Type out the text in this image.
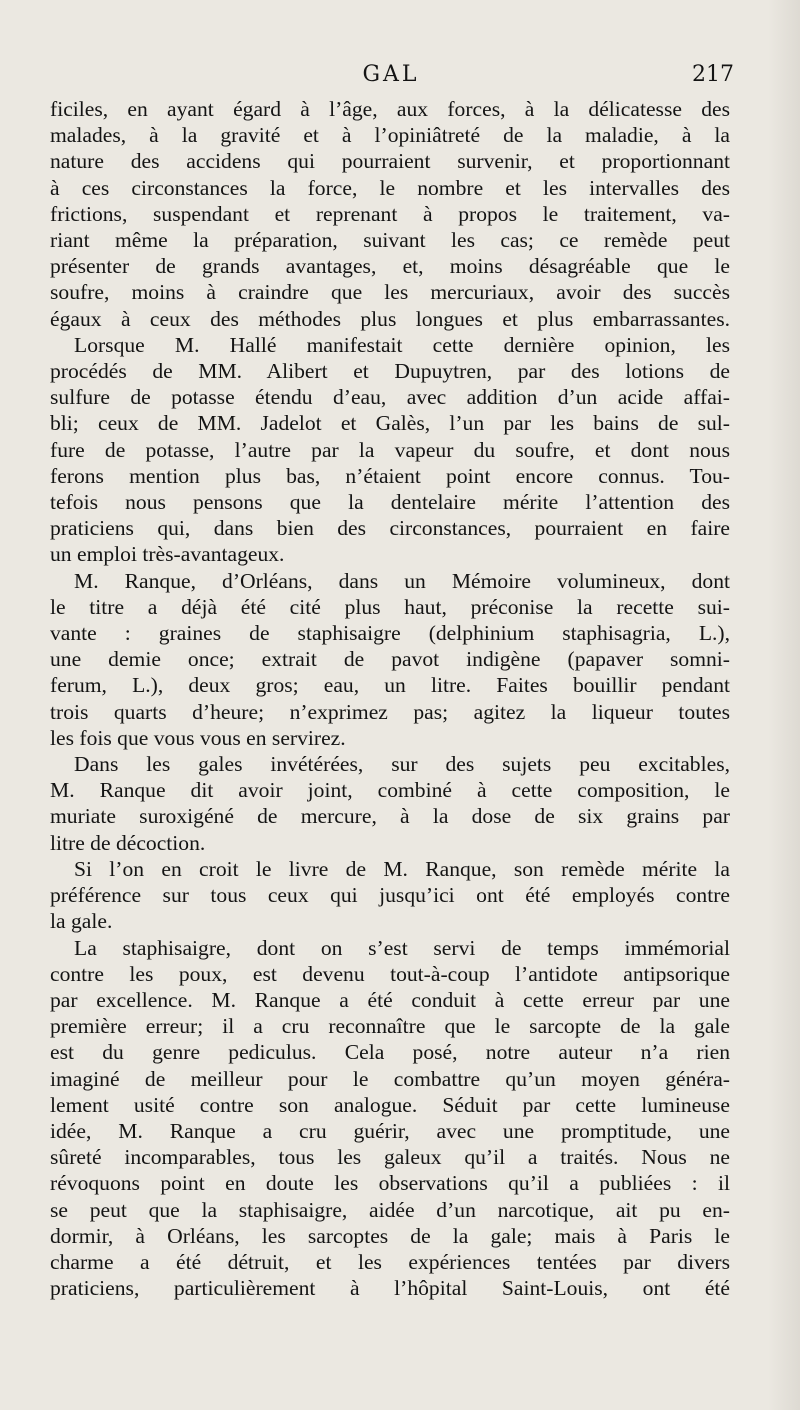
GAL	217
ficiles, en ayant égard à l’âge, aux forces, à la délicatesse des
malades, à la gravité et à l’opiniâtreté de la maladie, à la
nature des accidens qui pourraient survenir, et proportionnant
à ces circonstances la force, le nombre et les intervalles des
frictions, suspendant et reprenant à propos le traitement, va-
riant même la préparation, suivant les cas; ce remède peut
présenter de grands avantages, et, moins désagréable que le
soufre, moins à craindre que les mercuriaux, avoir des succès
égaux à ceux des méthodes plus longues et plus embarrassantes.
Lorsque M. Hallé manifestait cette dernière opinion, les
procédés de MM. Alibert et Dupuytren, par des lotions de
sulfure de potasse étendu d’eau, avec addition d’un acide affai-
bli; ceux de MM. Jadelot et Galès, l’un par les bains de sul-
fure de potasse, l’autre par la vapeur du soufre, et dont nous
ferons mention plus bas, n’étaient point encore connus. Tou-
tefois nous pensons que la dentelaire mérite l’attention des
praticiens qui, dans bien des circonstances, pourraient en faire
un emploi très-avantageux.
M. Ranque, d’Orléans, dans un Mémoire volumineux, dont
le titre a déjà été cité plus haut, préconise la recette sui-
vante : graines de staphisaigre (delphinium staphisagria, L.),
une demie once; extrait de pavot indigène (papaver somni-
ferum, L.), deux gros; eau, un litre. Faites bouillir pendant
trois quarts d’heure; n’exprimez pas; agitez la liqueur toutes
les fois que vous vous en servirez.
Dans les gales invétérées, sur des sujets peu excitables,
M. Ranque dit avoir joint, combiné à cette composition, le
muriate suroxigéné de mercure, à la dose de six grains par
litre de décoction.
Si l’on en croit le livre de M. Ranque, son remède mérite la
préférence sur tous ceux qui jusqu’ici ont été employés contre
la gale.
La staphisaigre, dont on s’est servi de temps immémorial
contre les poux, est devenu tout-à-coup l’antidote antipsorique
par excellence. M. Ranque a été conduit à cette erreur par une
première erreur; il a cru reconnaître que le sarcopte de la gale
est du genre pediculus. Cela posé, notre auteur n’a rien
imaginé de meilleur pour le combattre qu’un moyen généra-
lement usité contre son analogue. Séduit par cette lumineuse
idée, M. Ranque a cru guérir, avec une promptitude, une
sûreté incomparables, tous les galeux qu’il a traités. Nous ne
révoquons point en doute les observations qu’il a publiées : il
se peut que la staphisaigre, aidée d’un narcotique, ait pu en-
dormir, à Orléans, les sarcoptes de la gale; mais à Paris le
charme a été détruit, et les expériences tentées par divers
praticiens, particulièrement à l’hôpital Saint-Louis, ont été
